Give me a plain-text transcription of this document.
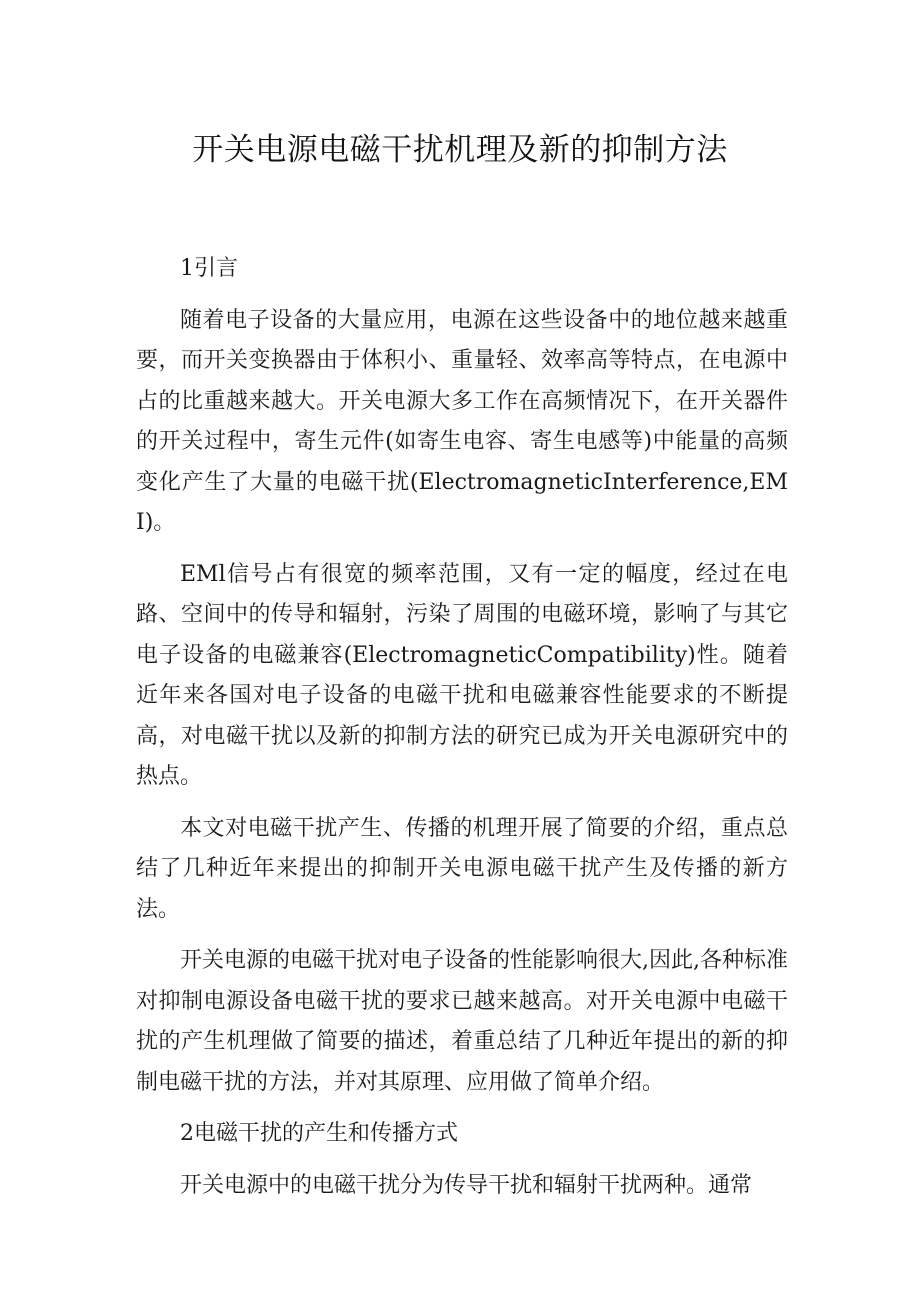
开关电源电磁干扰机理及新的抑制方法

1引言

随着电子设备的大量应用，电源在这些设备中的地位越来越重要，而开关变换器由于体积小、重量轻、效率高等特点，在电源中占的比重越来越大。开关电源大多工作在高频情况下，在开关器件的开关过程中，寄生元件(如寄生电容、寄生电感等)中能量的高频变化产生了大量的电磁干扰(ElectromagneticInterference,EMI)。

EMl信号占有很宽的频率范围，又有一定的幅度，经过在电路、空间中的传导和辐射，污染了周围的电磁环境，影响了与其它电子设备的电磁兼容(ElectromagneticCompatibility)性。随着近年来各国对电子设备的电磁干扰和电磁兼容性能要求的不断提高，对电磁干扰以及新的抑制方法的研究已成为开关电源研究中的热点。

本文对电磁干扰产生、传播的机理开展了简要的介绍，重点总结了几种近年来提出的抑制开关电源电磁干扰产生及传播的新方法。

开关电源的电磁干扰对电子设备的性能影响很大,因此,各种标准对抑制电源设备电磁干扰的要求已越来越高。对开关电源中电磁干扰的产生机理做了简要的描述，着重总结了几种近年提出的新的抑制电磁干扰的方法，并对其原理、应用做了简单介绍。

2电磁干扰的产生和传播方式

开关电源中的电磁干扰分为传导干扰和辐射干扰两种。通常
